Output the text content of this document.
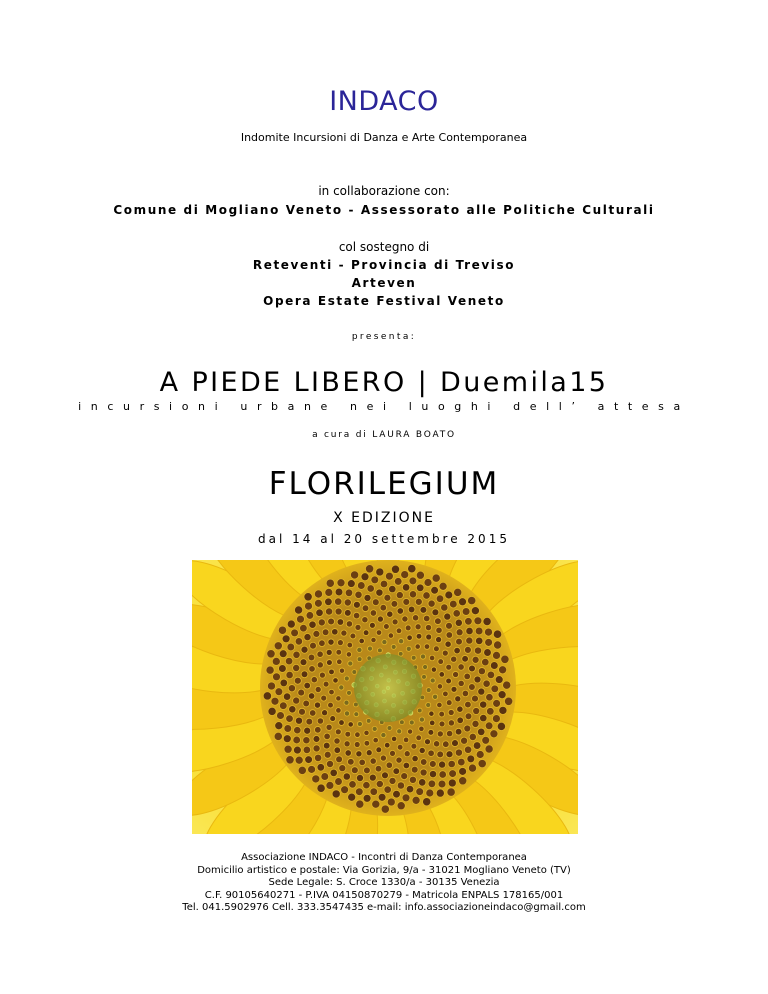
INDACO
Indomite Incursioni di Danza e Arte Contemporanea
in collaborazione con:
Comune di Mogliano Veneto - Assessorato alle Politiche Culturali
col sostegno di
Reteventi - Provincia di Treviso
Arteven
Opera Estate Festival Veneto
presenta:
A PIEDE LIBERO | Duemila15
incursioni urbane nei luoghi dell’ attesa
a cura di LAURA BOATO
FLORILEGIUM
X EDIZIONE
dal 14 al 20 settembre 2015
Associazione INDACO - Incontri di Danza Contemporanea
Domicilio artistico e postale: Via Gorizia, 9/a - 31021 Mogliano Veneto (TV)
Sede Legale: S. Croce 1330/a - 30135 Venezia
C.F. 90105640271 - P.IVA 04150870279 - Matricola ENPALS 178165/001
Tel. 041.5902976 Cell. 333.3547435 e-mail: info.associazioneindaco@gmail.com
